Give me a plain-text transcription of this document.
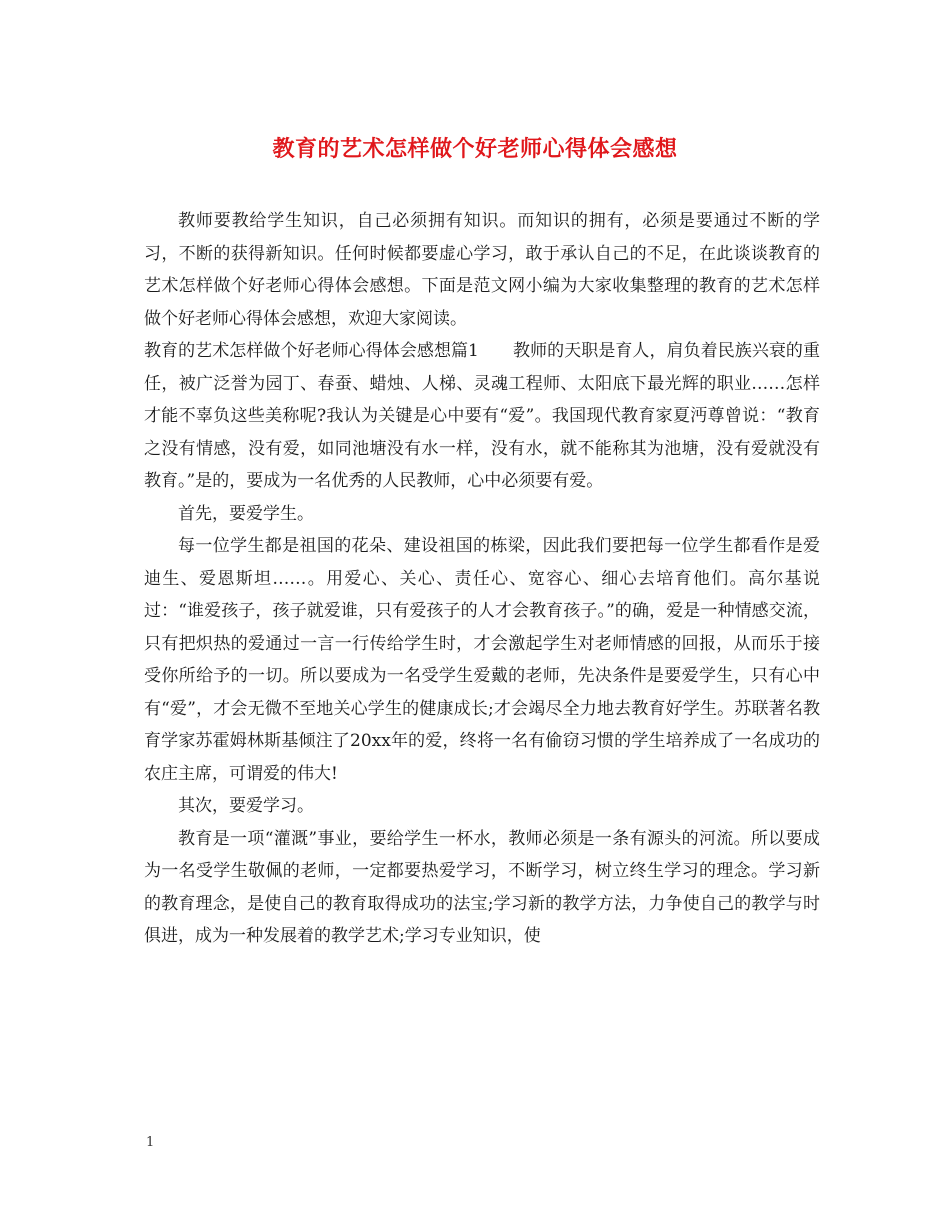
教育的艺术怎样做个好老师心得体会感想

教师要教给学生知识，自己必须拥有知识。而知识的拥有，必须是要通过不断的学习，不断的获得新知识。任何时候都要虚心学习，敢于承认自己的不足，在此谈谈教育的艺术怎样做个好老师心得体会感想。下面是范文网小编为大家收集整理的教育的艺术怎样做个好老师心得体会感想，欢迎大家阅读。

教育的艺术怎样做个好老师心得体会感想篇1　　教师的天职是育人，肩负着民族兴衰的重任，被广泛誉为园丁、春蚕、蜡烛、人梯、灵魂工程师、太阳底下最光辉的职业……怎样才能不辜负这些美称呢?我认为关键是心中要有“爱”。我国现代教育家夏沔尊曾说：“教育之没有情感，没有爱，如同池塘没有水一样，没有水，就不能称其为池塘，没有爱就没有教育。”是的，要成为一名优秀的人民教师，心中必须要有爱。

首先，要爱学生。

每一位学生都是祖国的花朵、建设祖国的栋梁，因此我们要把每一位学生都看作是爱迪生、爱恩斯坦……。用爱心、关心、责任心、宽容心、细心去培育他们。高尔基说过：“谁爱孩子，孩子就爱谁，只有爱孩子的人才会教育孩子。”的确，爱是一种情感交流，只有把炽热的爱通过一言一行传给学生时，才会激起学生对老师情感的回报，从而乐于接受你所给予的一切。所以要成为一名受学生爱戴的老师，先决条件是要爱学生，只有心中有“爱”，才会无微不至地关心学生的健康成长;才会竭尽全力地去教育好学生。苏联著名教育学家苏霍姆林斯基倾注了20xx年的爱，终将一名有偷窃习惯的学生培养成了一名成功的农庄主席，可谓爱的伟大!

其次，要爱学习。

教育是一项“灌溉”事业，要给学生一杯水，教师必须是一条有源头的河流。所以要成为一名受学生敬佩的老师，一定都要热爱学习，不断学习，树立终生学习的理念。学习新的教育理念，是使自己的教育取得成功的法宝;学习新的教学方法，力争使自己的教学与时俱进，成为一种发展着的教学艺术;学习专业知识，使

1
